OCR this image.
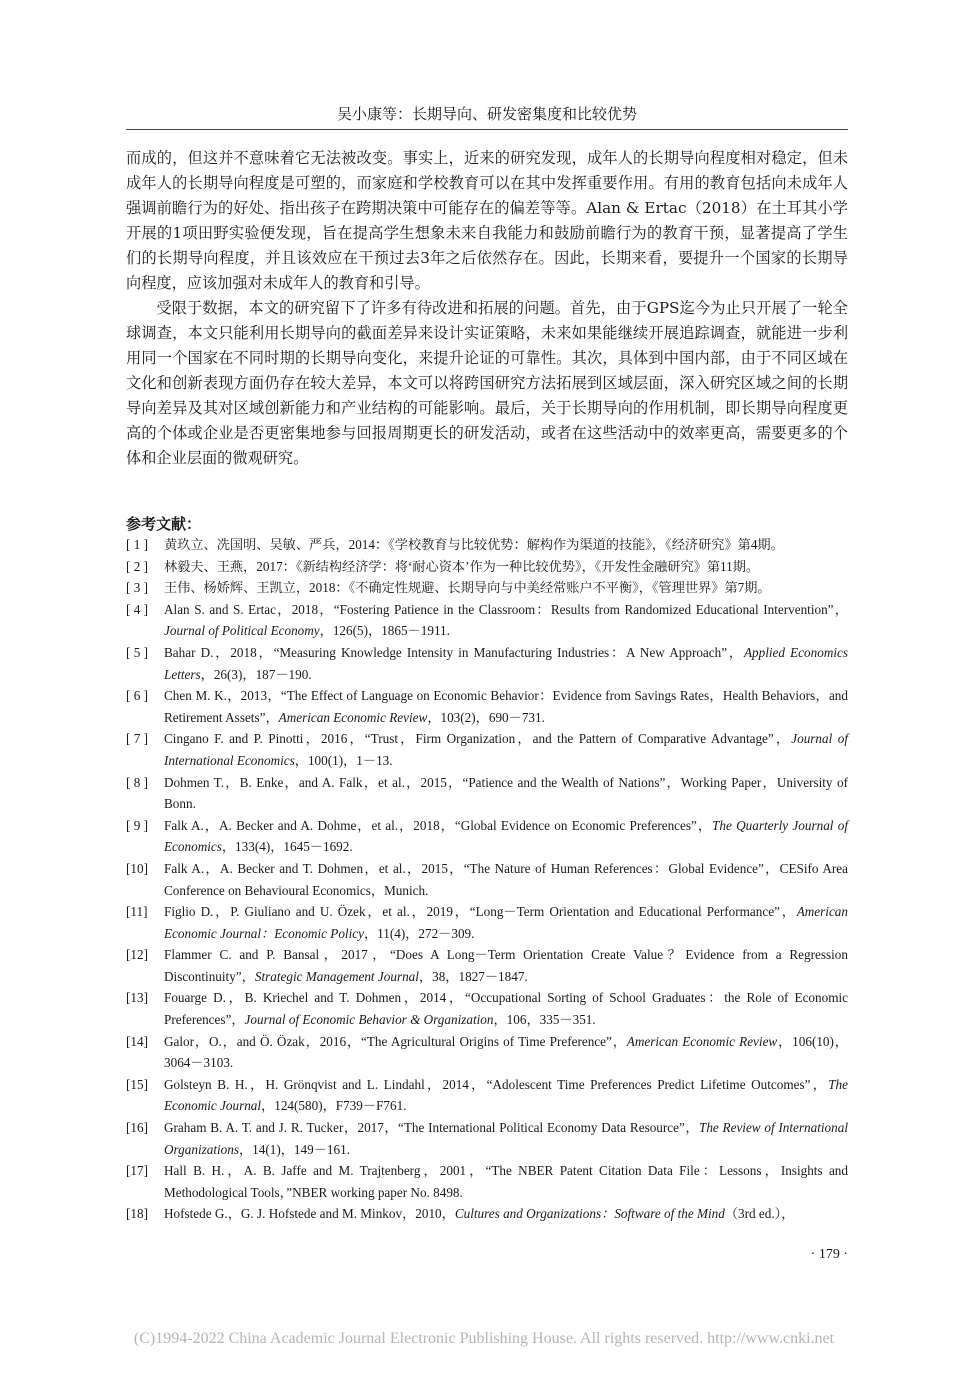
吴小康等：长期导向、研发密集度和比较优势

而成的，但这并不意味着它无法被改变。事实上，近来的研究发现，成年人的长期导向程度相对稳定，但未成年人的长期导向程度是可塑的，而家庭和学校教育可以在其中发挥重要作用。有用的教育包括向未成年人强调前瞻行为的好处、指出孩子在跨期决策中可能存在的偏差等等。Alan & Ertac（2018）在土耳其小学开展的1项田野实验便发现，旨在提高学生想象未来自我能力和鼓励前瞻行为的教育干预，显著提高了学生们的长期导向程度，并且该效应在干预过去3年之后依然存在。因此，长期来看，要提升一个国家的长期导向程度，应该加强对未成年人的教育和引导。

受限于数据，本文的研究留下了许多有待改进和拓展的问题。首先，由于GPS迄今为止只开展了一轮全球调查，本文只能利用长期导向的截面差异来设计实证策略，未来如果能继续开展追踪调查，就能进一步利用同一个国家在不同时期的长期导向变化，来提升论证的可靠性。其次，具体到中国内部，由于不同区域在文化和创新表现方面仍存在较大差异，本文可以将跨国研究方法拓展到区域层面，深入研究区域之间的长期导向差异及其对区域创新能力和产业结构的可能影响。最后，关于长期导向的作用机制，即长期导向程度更高的个体或企业是否更密集地参与回报周期更长的研发活动，或者在这些活动中的效率更高，需要更多的个体和企业层面的微观研究。

参考文献：
[ 1 ]	黄玖立、冼国明、吴敏、严兵，2014：《学校教育与比较优势：解构作为渠道的技能》，《经济研究》第4期。
[ 2 ]	林毅夫、王燕，2017：《新结构经济学：将‘耐心资本’作为一种比较优势》，《开发性金融研究》第11期。
[ 3 ]	王伟、杨娇辉、王凯立，2018：《不确定性规避、长期导向与中美经常账户不平衡》，《管理世界》第7期。
[ 4 ]	Alan S. and S. Ertac，2018，“Fostering Patience in the Classroom：Results from Randomized Educational Intervention”，Journal of Political Economy，126(5)，1865－1911.
[ 5 ]	Bahar D.，2018，“Measuring Knowledge Intensity in Manufacturing Industries：A New Approach”，Applied Economics Letters，26(3)，187－190.
[ 6 ]	Chen M. K.，2013，“The Effect of Language on Economic Behavior：Evidence from Savings Rates，Health Behaviors，and Retirement Assets”，American Economic Review，103(2)，690－731.
[ 7 ]	Cingano F. and P. Pinotti，2016，“Trust，Firm Organization，and the Pattern of Comparative Advantage”，Journal of International Economics，100(1)，1－13.
[ 8 ]	Dohmen T.，B. Enke，and A. Falk，et al.，2015，“Patience and the Wealth of Nations”，Working Paper，University of Bonn.
[ 9 ]	Falk A.，A. Becker and A. Dohme，et al.，2018，“Global Evidence on Economic Preferences”，The Quarterly Journal of Economics，133(4)，1645－1692.
[10]	Falk A.，A. Becker and T. Dohmen，et al.，2015，“The Nature of Human References：Global Evidence”，CESifo Area Conference on Behavioural Economics，Munich.
[11]	Figlio D.，P. Giuliano and U. Özek，et al.，2019，“Long－Term Orientation and Educational Performance”，American Economic Journal：Economic Policy，11(4)，272－309.
[12]	Flammer C. and P. Bansal，2017，“Does A Long－Term Orientation Create Value？Evidence from a Regression Discontinuity”，Strategic Management Journal，38，1827－1847.
[13]	Fouarge D.，B. Kriechel and T. Dohmen，2014，“Occupational Sorting of School Graduates：the Role of Economic Preferences”，Journal of Economic Behavior & Organization，106，335－351.
[14]	Galor，O.，and Ö. Özak，2016，“The Agricultural Origins of Time Preference”，American Economic Review，106(10)，3064－3103.
[15]	Golsteyn B. H.，H. Grönqvist and L. Lindahl，2014，“Adolescent Time Preferences Predict Lifetime Outcomes”，The Economic Journal，124(580)，F739－F761.
[16]	Graham B. A. T. and J. R. Tucker，2017，“The International Political Economy Data Resource”，The Review of International Organizations，14(1)，149－161.
[17]	Hall B. H.，A. B. Jaffe and M. Trajtenberg，2001，“The NBER Patent Citation Data File：Lessons，Insights and Methodological Tools，”NBER working paper No. 8498.
[18]	Hofstede G.，G. J. Hofstede and M. Minkov，2010，Cultures and Organizations：Software of the Mind（3rd ed.），
· 179 ·
(C)1994-2022 China Academic Journal Electronic Publishing House. All rights reserved. http://www.cnki.net
